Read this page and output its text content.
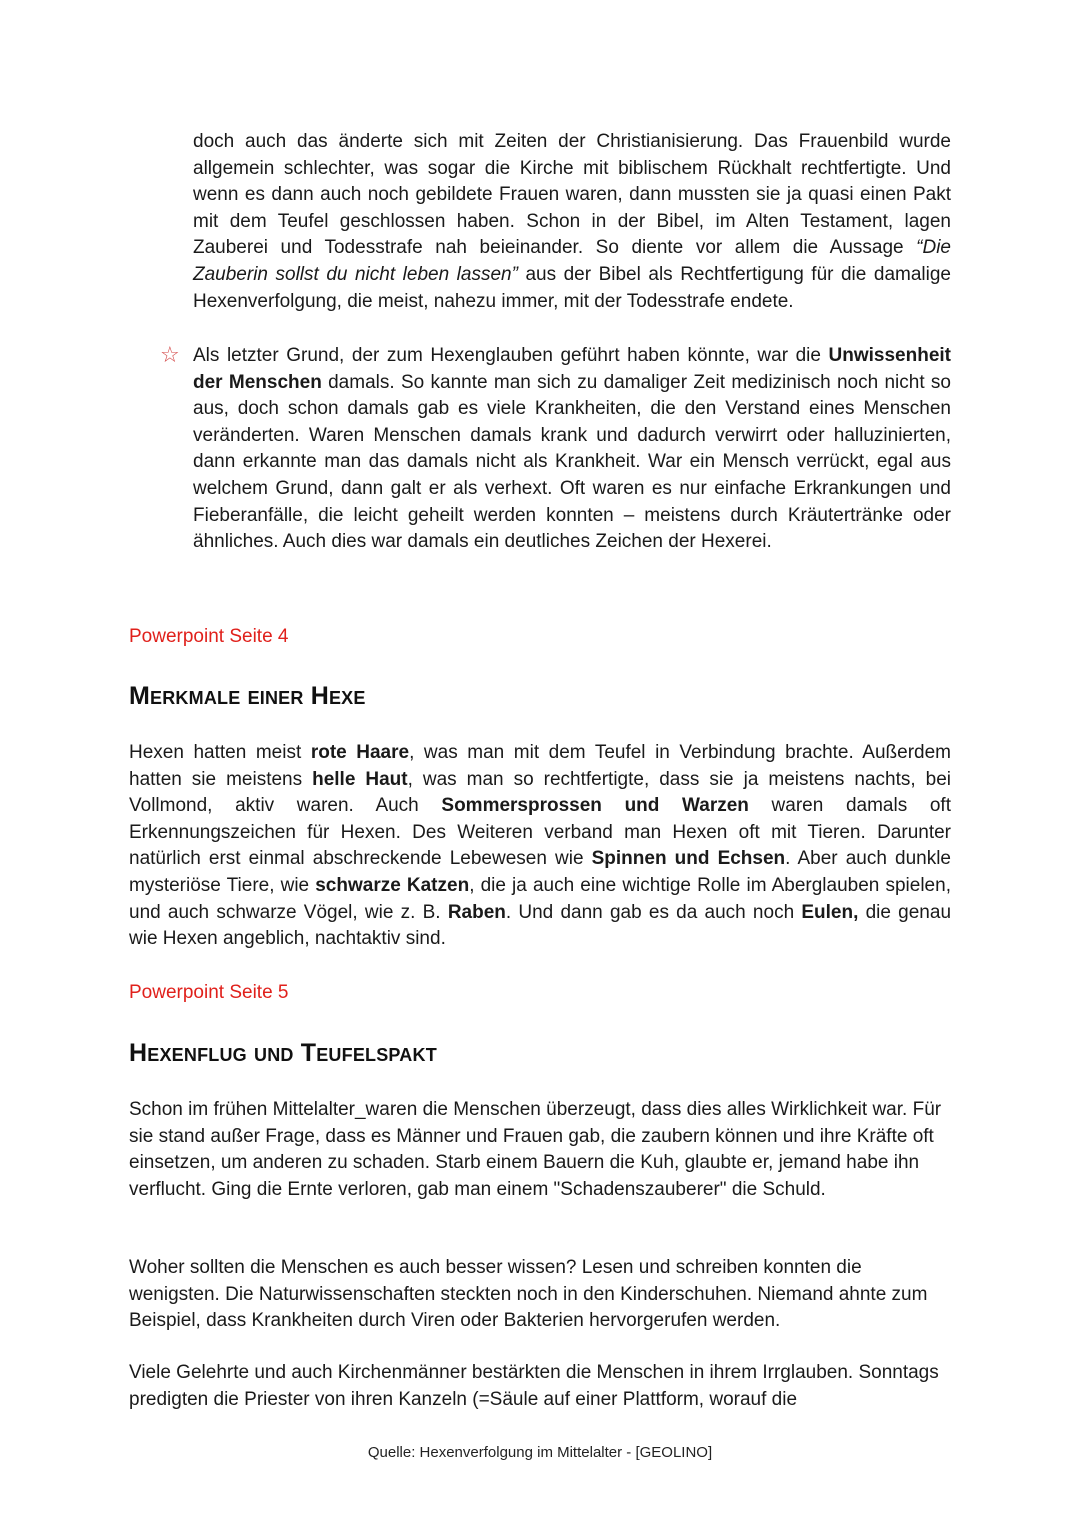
doch auch das änderte sich mit Zeiten der Christianisierung. Das Frauenbild wurde allgemein schlechter, was sogar die Kirche mit biblischem Rückhalt rechtfertigte. Und wenn es dann auch noch gebildete Frauen waren, dann mussten sie ja quasi einen Pakt mit dem Teufel geschlossen haben. Schon in der Bibel, im Alten Testament, lagen Zauberei und Todesstrafe nah beieinander. So diente vor allem die Aussage “Die Zauberin sollst du nicht leben lassen” aus der Bibel als Rechtfertigung für die damalige Hexenverfolgung, die meist, nahezu immer, mit der Todesstrafe endete.

☆ Als letzter Grund, der zum Hexenglauben geführt haben könnte, war die Unwissenheit der Menschen damals. So kannte man sich zu damaliger Zeit medizinisch noch nicht so aus, doch schon damals gab es viele Krankheiten, die den Verstand eines Menschen veränderten. Waren Menschen damals krank und dadurch verwirrt oder halluzinierten, dann erkannte man das damals nicht als Krankheit. War ein Mensch verrückt, egal aus welchem Grund, dann galt er als verhext. Oft waren es nur einfache Erkrankungen und Fieberanfälle, die leicht geheilt werden konnten – meistens durch Kräutertränke oder ähnliches. Auch dies war damals ein deutliches Zeichen der Hexerei.

Powerpoint Seite 4
Merkmale einer Hexe

Hexen hatten meist rote Haare, was man mit dem Teufel in Verbindung brachte. Außerdem hatten sie meistens helle Haut, was man so rechtfertigte, dass sie ja meistens nachts, bei Vollmond, aktiv waren. Auch Sommersprossen und Warzen waren damals oft Erkennungszeichen für Hexen. Des Weiteren verband man Hexen oft mit Tieren. Darunter natürlich erst einmal abschreckende Lebewesen wie Spinnen und Echsen. Aber auch dunkle mysteriöse Tiere, wie schwarze Katzen, die ja auch eine wichtige Rolle im Aberglauben spielen, und auch schwarze Vögel, wie z. B. Raben. Und dann gab es da auch noch Eulen, die genau wie Hexen angeblich, nachtaktiv sind.

Powerpoint Seite 5
Hexenflug und Teufelspakt

Schon im frühen Mittelalter_waren die Menschen überzeugt, dass dies alles Wirklichkeit war. Für sie stand außer Frage, dass es Männer und Frauen gab, die zaubern können und ihre Kräfte oft einsetzen, um anderen zu schaden. Starb einem Bauern die Kuh, glaubte er, jemand habe ihn verflucht. Ging die Ernte verloren, gab man einem "Schadenszauberer" die Schuld.

Woher sollten die Menschen es auch besser wissen? Lesen und schreiben konnten die wenigsten. Die Naturwissenschaften steckten noch in den Kinderschuhen. Niemand ahnte zum Beispiel, dass Krankheiten durch Viren oder Bakterien hervorgerufen werden.

Viele Gelehrte und auch Kirchenmänner bestärkten die Menschen in ihrem Irrglauben. Sonntags predigten die Priester von ihren Kanzeln (=Säule auf einer Plattform, worauf die

Quelle: Hexenverfolgung im Mittelalter - [GEOLINO]
